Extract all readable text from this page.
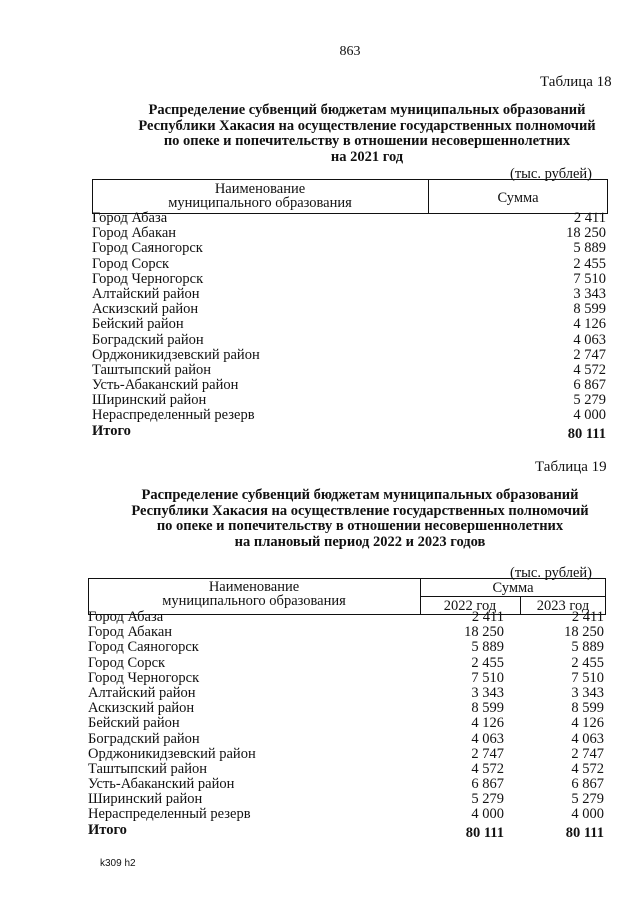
863
Таблица 18
Распределение субвенций бюджетам муниципальных образований
Республики Хакасия на осуществление государственных полномочий
по опеке и попечительству в отношении несовершеннолетних
на 2021 год
(тыс. рублей)
Наименование
муниципального образования	Сумма
Город Абаза	2 411
Город Абакан	18 250
Город Саяногорск	5 889
Город Сорск	2 455
Город Черногорск	7 510
Алтайский район	3 343
Аскизский район	8 599
Бейский район	4 126
Боградский район	4 063
Орджоникидзевский район	2 747
Таштыпский район	4 572
Усть-Абаканский район	6 867
Ширинский район	5 279
Нераспределенный резерв	4 000
Итого	80 111
Таблица 19
Распределение субвенций бюджетам муниципальных образований
Республики Хакасия на осуществление государственных полномочий
по опеке и попечительству в отношении несовершеннолетних
на плановый период 2022 и 2023 годов
(тыс. рублей)
Наименование
муниципального образования
Сумма
2022 год	2023 год
Город Абаза	2 411	2 411
Город Абакан	18 250	18 250
Город Саяногорск	5 889	5 889
Город Сорск	2 455	2 455
Город Черногорск	7 510	7 510
Алтайский район	3 343	3 343
Аскизский район	8 599	8 599
Бейский район	4 126	4 126
Боградский район	4 063	4 063
Орджоникидзевский район	2 747	2 747
Таштыпский район	4 572	4 572
Усть-Абаканский район	6 867	6 867
Ширинский район	5 279	5 279
Нераспределенный резерв	4 000	4 000
Итого	80 111	80 111
k309 h2
